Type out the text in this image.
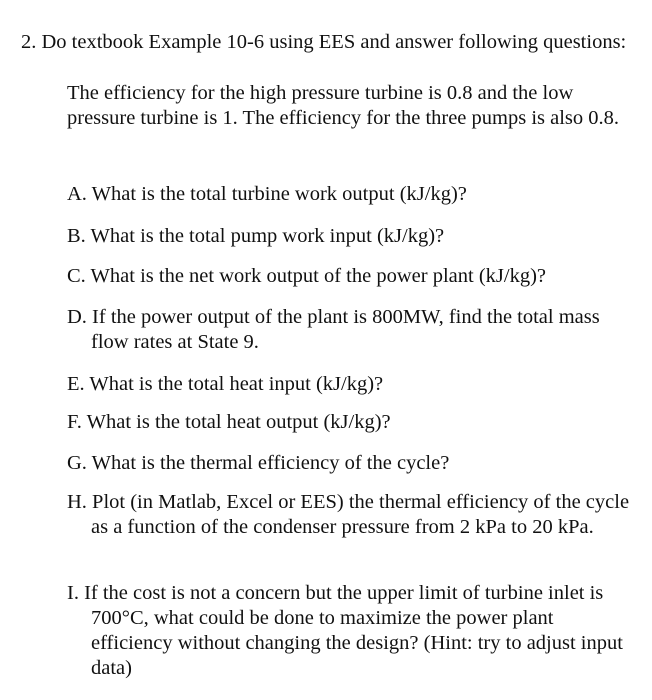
2. Do textbook Example 10-6 using EES and answer following questions:

The efficiency for the high pressure turbine is 0.8 and the low pressure turbine is 1. The efficiency for the three pumps is also 0.8.

A. What is the total turbine work output (kJ/kg)?

B. What is the total pump work input (kJ/kg)?

C. What is the net work output of the power plant (kJ/kg)?

D. If the power output of the plant is 800MW, find the total mass flow rates at State 9.

E. What is the total heat input (kJ/kg)?

F. What is the total heat output (kJ/kg)?

G. What is the thermal efficiency of the cycle?

H. Plot (in Matlab, Excel or EES) the thermal efficiency of the cycle as a function of the condenser pressure from 2 kPa to 20 kPa.

I. If the cost is not a concern but the upper limit of turbine inlet is 700°C, what could be done to maximize the power plant efficiency without changing the design? (Hint: try to adjust input data)
